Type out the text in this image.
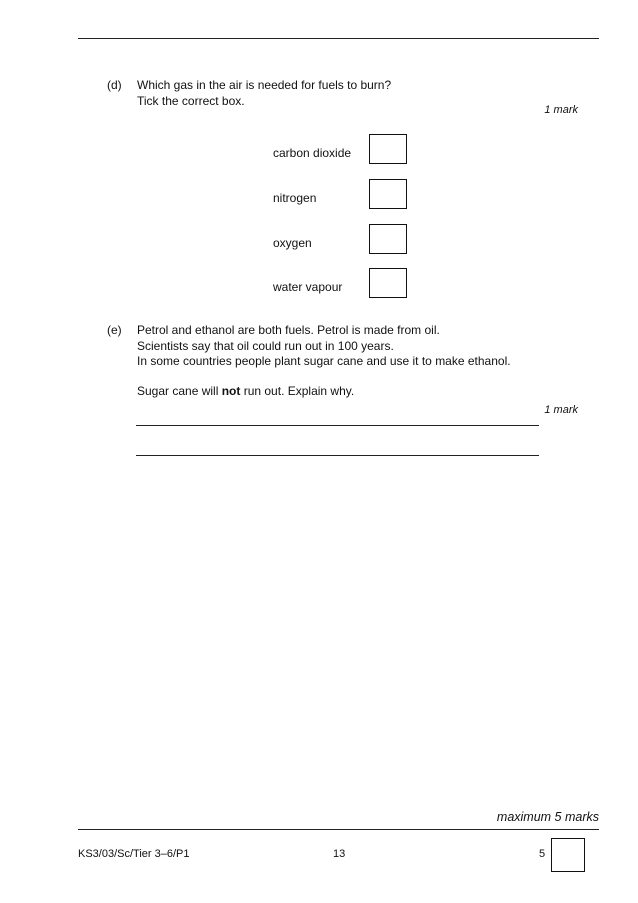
(d) Which gas in the air is needed for fuels to burn?
Tick the correct box.
1 mark
carbon dioxide
nitrogen
oxygen
water vapour
(e) Petrol and ethanol are both fuels. Petrol is made from oil.
Scientists say that oil could run out in 100 years.
In some countries people plant sugar cane and use it to make ethanol.
Sugar cane will not run out. Explain why.
1 mark
maximum 5 marks
KS3/03/Sc/Tier 3–6/P1	13	5
